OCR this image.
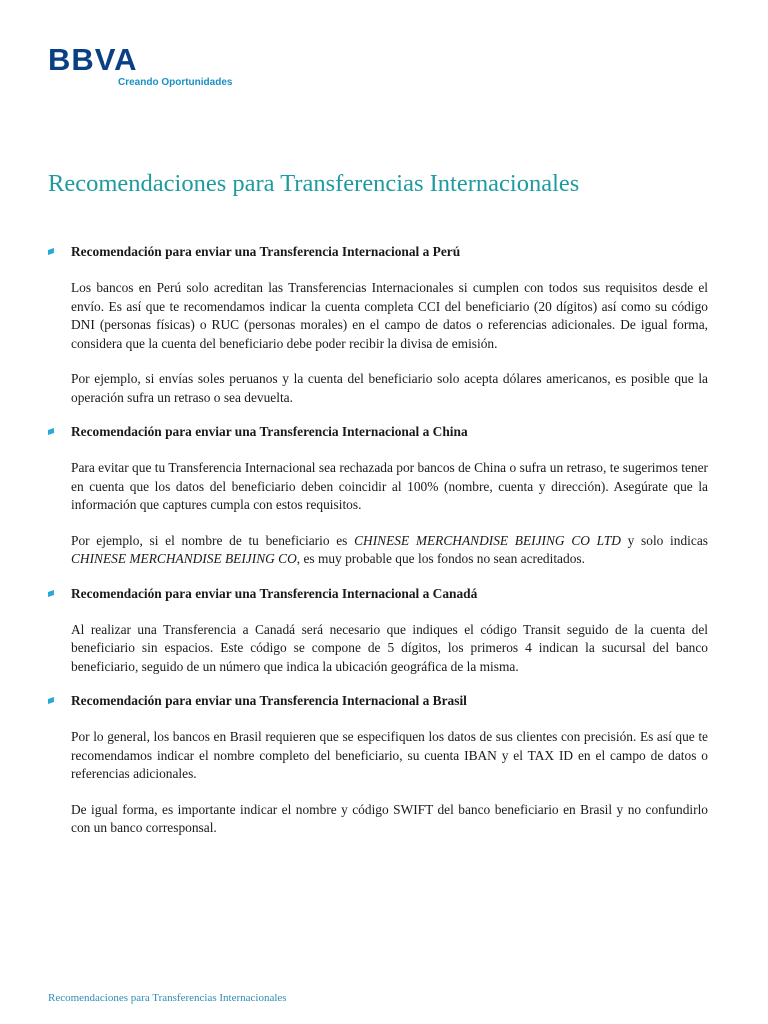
BBVA
Creando Oportunidades
Recomendaciones para Transferencias Internacionales
Recomendación para enviar una Transferencia Internacional a Perú

Los bancos en Perú solo acreditan las Transferencias Internacionales si cumplen con todos sus requisitos desde el envío. Es así que te recomendamos indicar la cuenta completa CCI del beneficiario (20 dígitos) así como su código DNI (personas físicas) o RUC (personas morales) en el campo de datos o referencias adicionales. De igual forma, considera que la cuenta del beneficiario debe poder recibir la divisa de emisión.

Por ejemplo, si envías soles peruanos y la cuenta del beneficiario solo acepta dólares americanos, es posible que la operación sufra un retraso o sea devuelta.

Recomendación para enviar una Transferencia Internacional a China

Para evitar que tu Transferencia Internacional sea rechazada por bancos de China o sufra un retraso, te sugerimos tener en cuenta que los datos del beneficiario deben coincidir al 100% (nombre, cuenta y dirección). Asegúrate que la información que captures cumpla con estos requisitos.

Por ejemplo, si el nombre de tu beneficiario es CHINESE MERCHANDISE BEIJING CO LTD y solo indicas CHINESE MERCHANDISE BEIJING CO, es muy probable que los fondos no sean acreditados.

Recomendación para enviar una Transferencia Internacional a Canadá

Al realizar una Transferencia a Canadá será necesario que indiques el código Transit seguido de la cuenta del beneficiario sin espacios. Este código se compone de 5 dígitos, los primeros 4 indican la sucursal del banco beneficiario, seguido de un número que indica la ubicación geográfica de la misma.

Recomendación para enviar una Transferencia Internacional a Brasil

Por lo general, los bancos en Brasil requieren que se especifiquen los datos de sus clientes con precisión. Es así que te recomendamos indicar el nombre completo del beneficiario, su cuenta IBAN y el TAX ID en el campo de datos o referencias adicionales.

De igual forma, es importante indicar el nombre y código SWIFT del banco beneficiario en Brasil y no confundirlo con un banco corresponsal.

Recomendaciones para Transferencias Internacionales
